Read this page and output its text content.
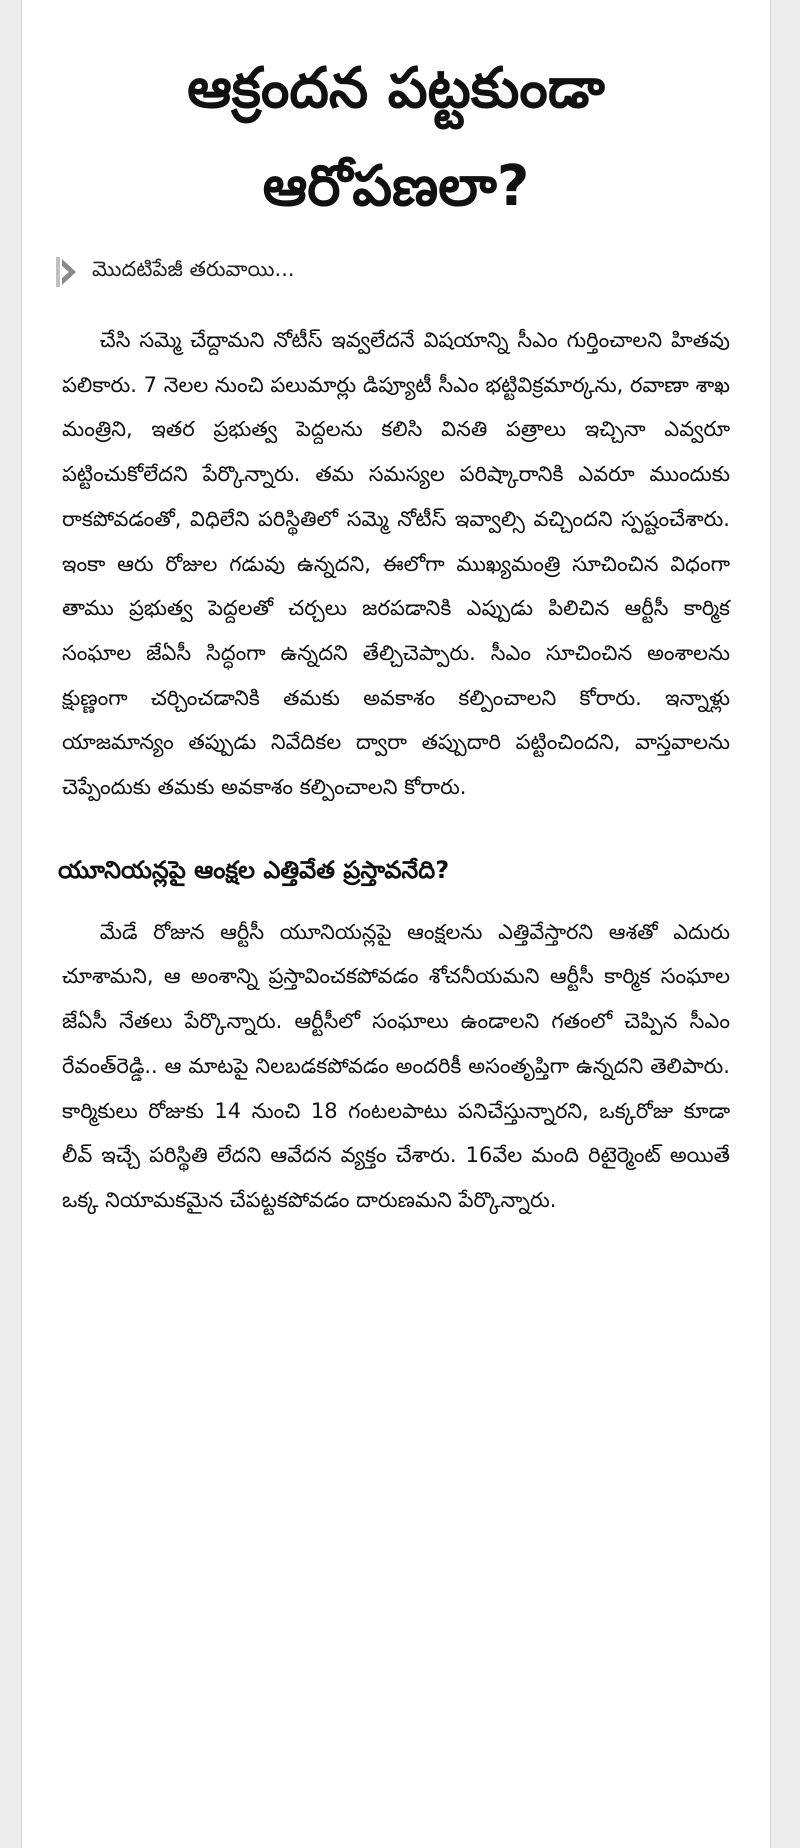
ఆక్రందన పట్టకుండా
ఆరోపణలా?
మొదటిపేజీ తరువాయి...

చేసి సమ్మె చేద్దామని నోటీస్ ఇవ్వలేదనే విషయాన్ని సీఎం గుర్తించాలని హితవు పలికారు. 7 నెలల నుంచి పలుమార్లు డిప్యూటీ సీఎం భట్టివిక్రమార్కను, రవాణా శాఖ మంత్రిని, ఇతర ప్రభుత్వ పెద్దలను కలిసి వినతి పత్రాలు ఇచ్చినా ఎవ్వరూ పట్టించుకోలేదని పేర్కొన్నారు. తమ సమస్యల పరిష్కారానికి ఎవరూ ముందుకు రాకపోవడంతో, విధిలేని పరిస్థితిలో సమ్మె నోటీస్ ఇవ్వాల్సి వచ్చిందని స్పష్టంచేశారు. ఇంకా ఆరు రోజుల గడువు ఉన్నదని, ఈలోగా ముఖ్యమంత్రి సూచించిన విధంగా తాము ప్రభుత్వ పెద్దలతో చర్చలు జరపడానికి ఎప్పుడు పిలిచిన ఆర్టీసీ కార్మిక సంఘాల జేఏసీ సిద్ధంగా ఉన్నదని తేల్చిచెప్పారు. సీఎం సూచించిన అంశాలను క్షుణ్ణంగా చర్చించడానికి తమకు అవకాశం కల్పించాలని కోరారు. ఇన్నాళ్లు యాజమాన్యం తప్పుడు నివేదికల ద్వారా తప్పుదారి పట్టించిందని, వాస్తవాలను చెప్పేందుకు తమకు అవకాశం కల్పించాలని కోరారు.

యూనియన్లపై ఆంక్షల ఎత్తివేత ప్రస్తావనేది?

మేడే రోజున ఆర్టీసీ యూనియన్లపై ఆంక్షలను ఎత్తివేస్తారని ఆశతో ఎదురు చూశామని, ఆ అంశాన్ని ప్రస్తావించకపోవడం శోచనీయమని ఆర్టీసీ కార్మిక సంఘాల జేఏసీ నేతలు పేర్కొన్నారు. ఆర్టీసీలో సంఘాలు ఉండాలని గతంలో చెప్పిన సీఎం రేవంత్‌రెడ్డి.. ఆ మాటపై నిలబడకపోవడం అందరికీ అసంతృప్తిగా ఉన్నదని తెలిపారు. కార్మికులు రోజుకు 14 నుంచి 18 గంటలపాటు పనిచేస్తున్నారని, ఒక్కరోజు కూడా లీవ్ ఇచ్చే పరిస్థితి లేదని ఆవేదన వ్యక్తం చేశారు. 16వేల మంది రిటైర్మెంట్ అయితే ఒక్క నియామకమైన చేపట్టకపోవడం దారుణమని పేర్కొన్నారు.
